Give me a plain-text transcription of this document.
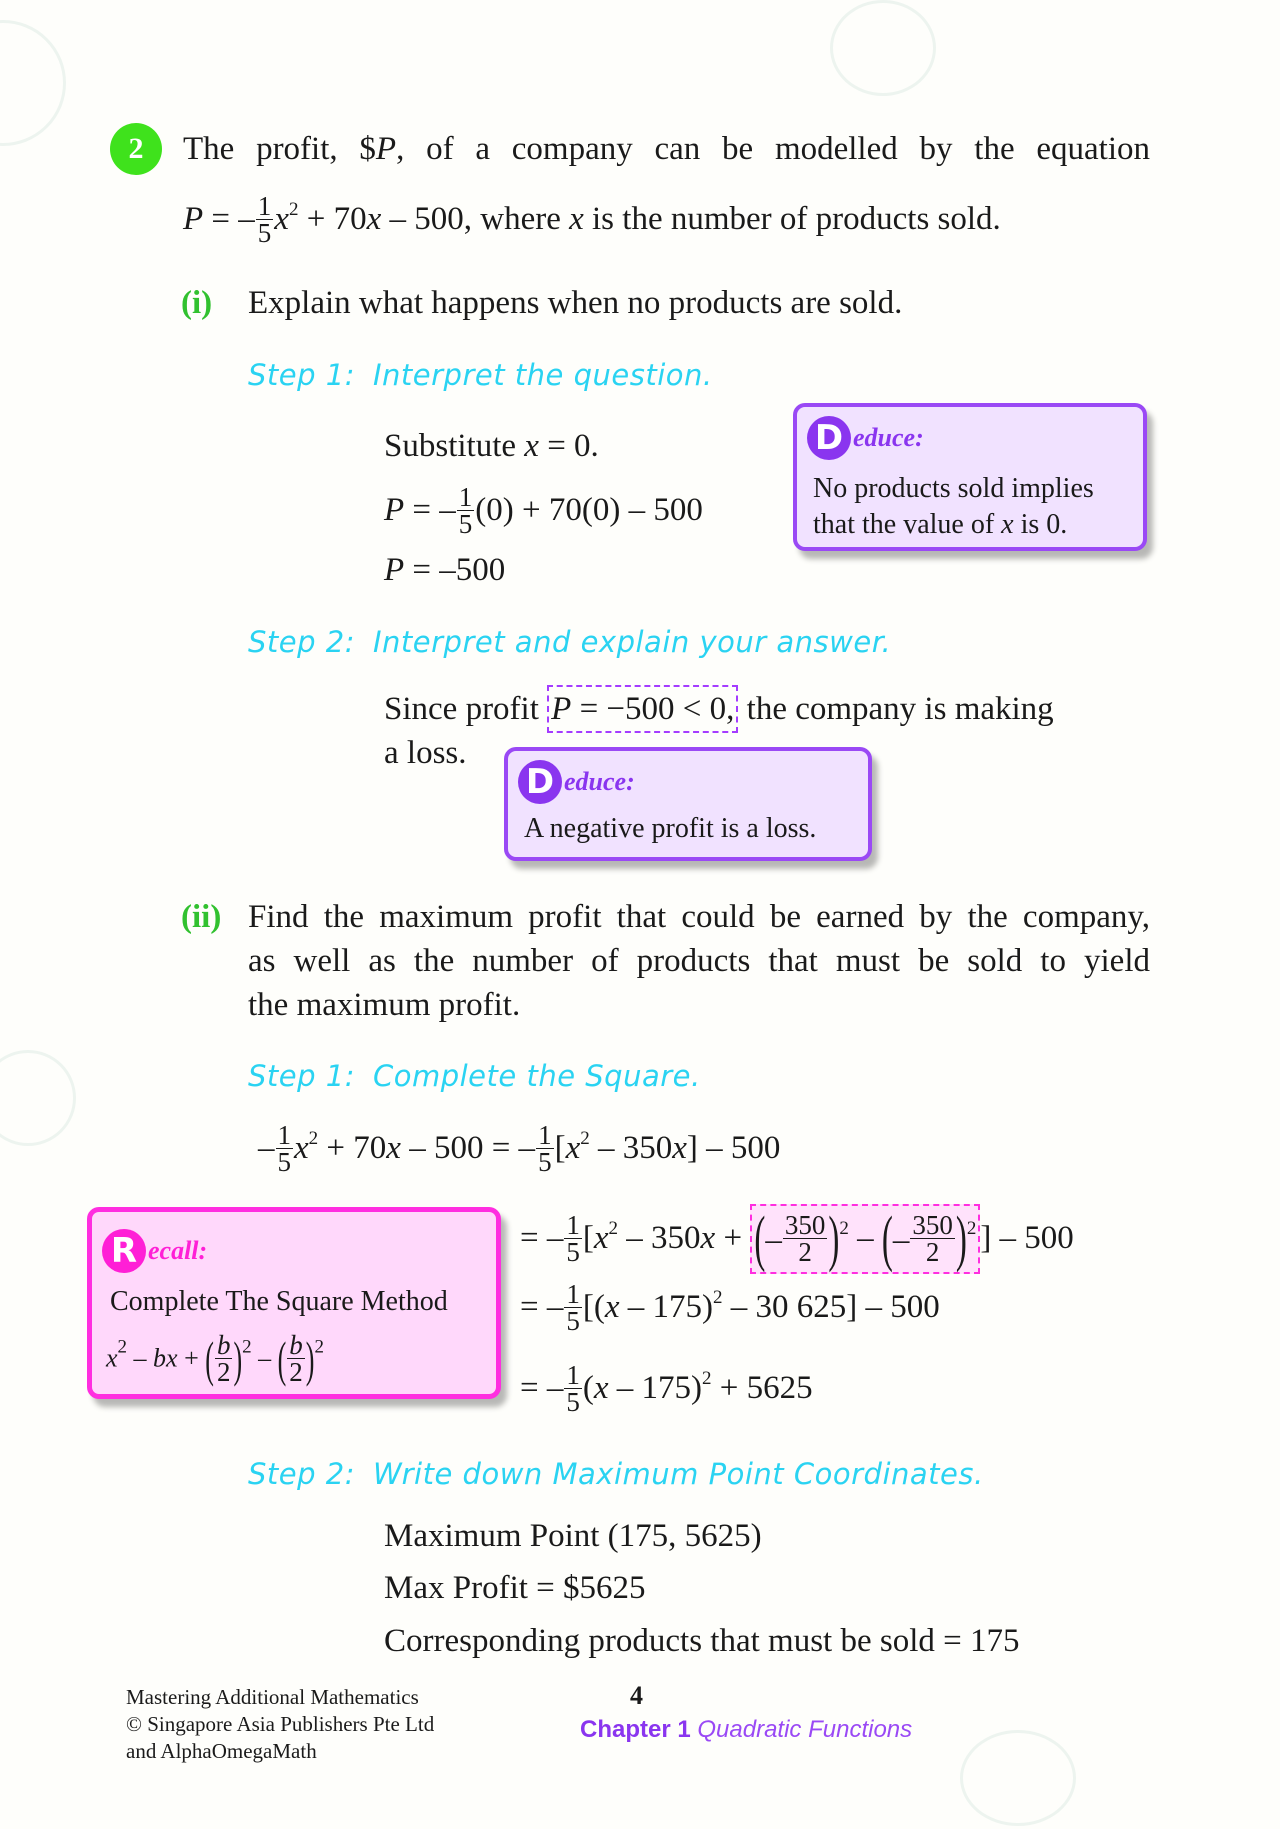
2	The profit, $P, of a company can be modelled by the equation
P = – $\frac{1}{5} x^2 + 70x - 500$, where x is the number of products sold.
(i) Explain what happens when no products are sold.
Step 1: Interpret the question.
Substitute x = 0.
P = – $\frac{1}{5} (0) + 70(0) - 500$
P = –500
D educe:
No products sold implies
that the value of x is 0.
Step 2: Interpret and explain your answer.
Since profit P = −500 < 0, the company is making
a loss.
D educe:
A negative profit is a loss.
(ii) Find the maximum profit that could be earned by the company,
as well as the number of products that must be sold to yield
the maximum profit.
Step 1: Complete the Square.
– $\frac{1}{5} x^2 + 70x - 500$ = – $\frac{1}{5} [x^2 - 350x] - 500$
= – $\frac{1}{5} [x^2 - 350x$ + ( – $\frac{350}{2}$ ) $^2$ – ( – $\frac{350}{2}$ ) $^2$ ] – 500
= – $\frac{1}{5} [(x - 175)^2 - 30$ 625] – 500
= – $\frac{1}{5} (x - 175)^2 + 5625$
R ecall:
Complete The Square Method
$x^2$ – bx + ( $\frac{b}{2}$ ) $^2$ – ( $\frac{b}{2}$ ) $^2$
Step 2: Write down Maximum Point Coordinates.
Maximum Point (175, 5625)
Max Profit = $5625
Corresponding products that must be sold = 175
Mastering Additional Mathematics
© Singapore Asia Publishers Pte Ltd
and AlphaOmegaMath
4
Chapter 1 Quadratic Functions
